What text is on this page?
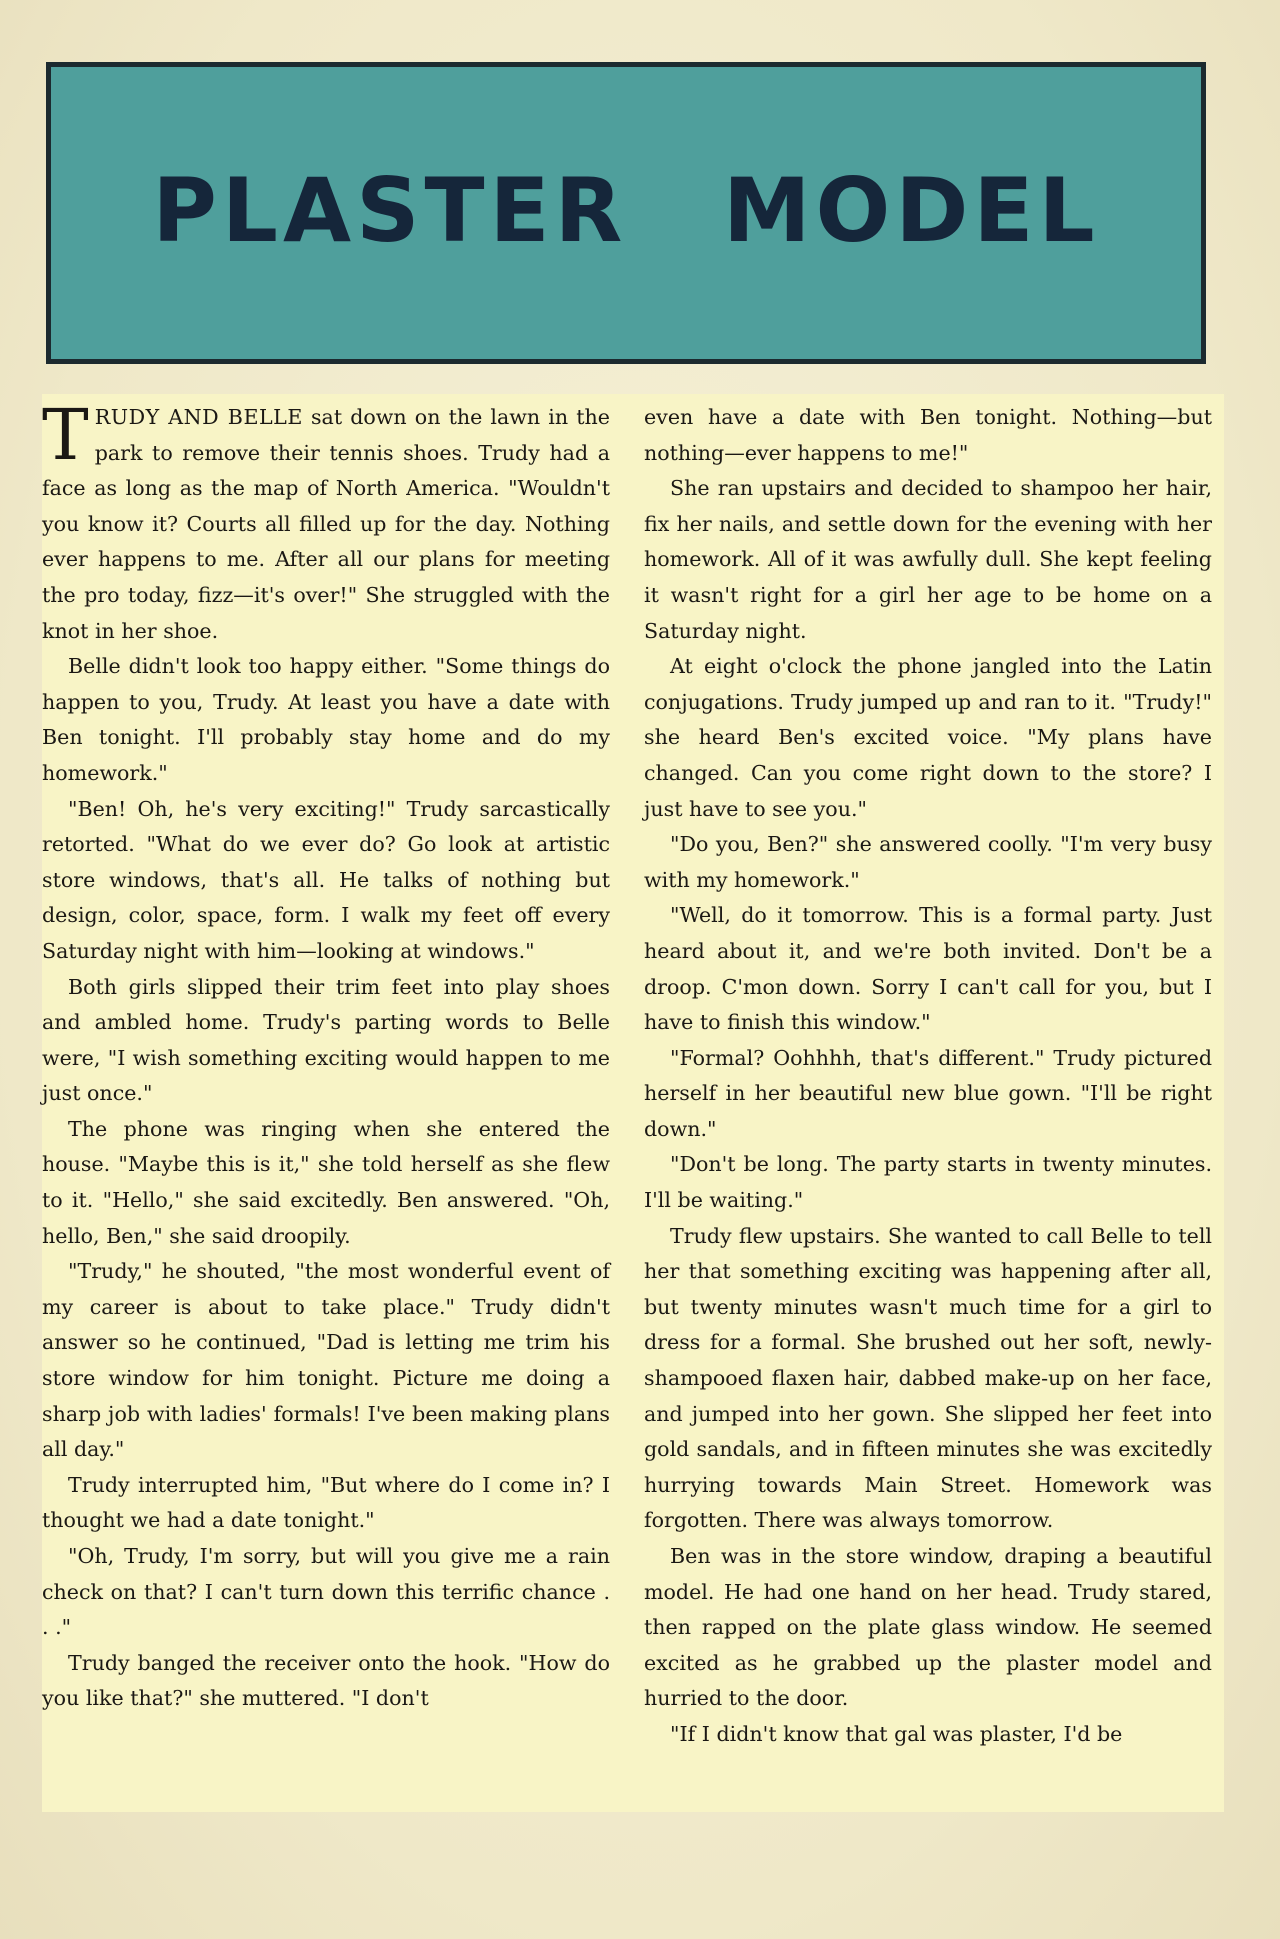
PLASTER MODEL

TRUDY AND BELLE sat down on the lawn in the park to remove their tennis shoes. Trudy had a face as long as the map of North America. "Wouldn't you know it? Courts all filled up for the day. Nothing ever happens to me. After all our plans for meeting the pro today, fizz—it's over!" She struggled with the knot in her shoe.

Belle didn't look too happy either. "Some things do happen to you, Trudy. At least you have a date with Ben tonight. I'll probably stay home and do my homework."

"Ben! Oh, he's very exciting!" Trudy sarcastically retorted. "What do we ever do? Go look at artistic store windows, that's all. He talks of nothing but design, color, space, form. I walk my feet off every Saturday night with him—looking at windows."

Both girls slipped their trim feet into play shoes and ambled home. Trudy's parting words to Belle were, "I wish something exciting would happen to me just once."

The phone was ringing when she entered the house. "Maybe this is it," she told herself as she flew to it. "Hello," she said excitedly. Ben answered. "Oh, hello, Ben," she said droopily.

"Trudy," he shouted, "the most wonderful event of my career is about to take place." Trudy didn't answer so he continued, "Dad is letting me trim his store window for him tonight. Picture me doing a sharp job with ladies' formals! I've been making plans all day."

Trudy interrupted him, "But where do I come in? I thought we had a date tonight."

"Oh, Trudy, I'm sorry, but will you give me a rain check on that? I can't turn down this terrific chance . . ."

Trudy banged the receiver onto the hook. "How do you like that?" she muttered. "I don't

even have a date with Ben tonight. Nothing—but nothing—ever happens to me!"

She ran upstairs and decided to shampoo her hair, fix her nails, and settle down for the evening with her homework. All of it was awfully dull. She kept feeling it wasn't right for a girl her age to be home on a Saturday night.

At eight o'clock the phone jangled into the Latin conjugations. Trudy jumped up and ran to it. "Trudy!" she heard Ben's excited voice. "My plans have changed. Can you come right down to the store? I just have to see you."

"Do you, Ben?" she answered coolly. "I'm very busy with my homework."

"Well, do it tomorrow. This is a formal party. Just heard about it, and we're both invited. Don't be a droop. C'mon down. Sorry I can't call for you, but I have to finish this window."

"Formal? Oohhhh, that's different." Trudy pictured herself in her beautiful new blue gown. "I'll be right down."

"Don't be long. The party starts in twenty minutes. I'll be waiting."

Trudy flew upstairs. She wanted to call Belle to tell her that something exciting was happening after all, but twenty minutes wasn't much time for a girl to dress for a formal. She brushed out her soft, newly-shampooed flaxen hair, dabbed make-up on her face, and jumped into her gown. She slipped her feet into gold sandals, and in fifteen minutes she was excitedly hurrying towards Main Street. Homework was forgotten. There was always tomorrow.

Ben was in the store window, draping a beautiful model. He had one hand on her head. Trudy stared, then rapped on the plate glass window. He seemed excited as he grabbed up the plaster model and hurried to the door.

"If I didn't know that gal was plaster, I'd be
